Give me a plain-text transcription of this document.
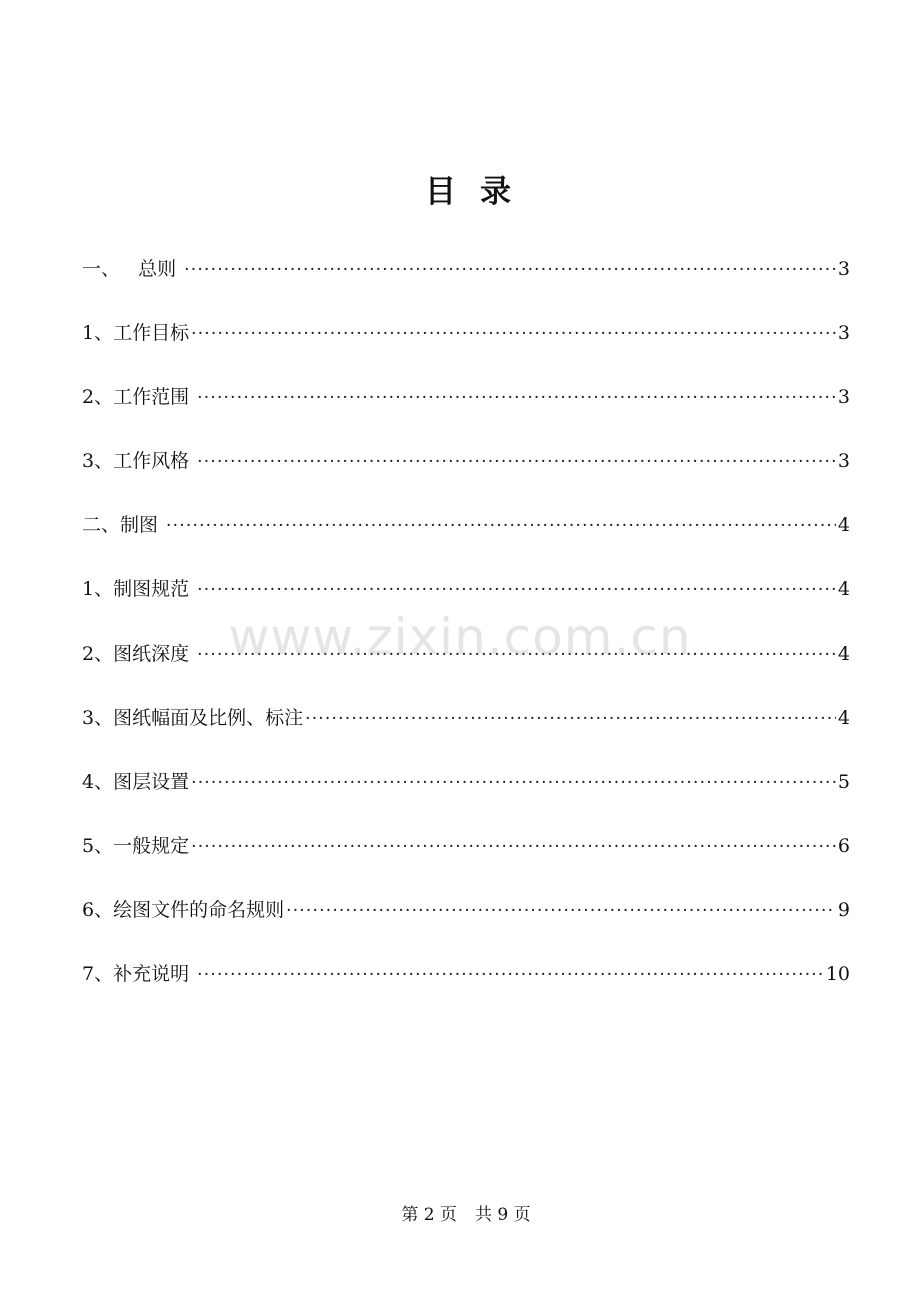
目 录
一、   总则 ·····	3
1、工作目标 ·····	3
2、工作范围 ·····	3
3、工作风格 ·····	3
二、制图 ·····	4
1、制图规范 ·····	4
2、图纸深度 ·····	4
3、图纸幅面及比例、标注 ·····	4
4、图层设置 ·····	5
5、一般规定 ·····	6
6、绘图文件的命名规则 ·····	9
7、补充说明 ·····	10
www.zixin.com.cn
第 2 页 共 9 页
